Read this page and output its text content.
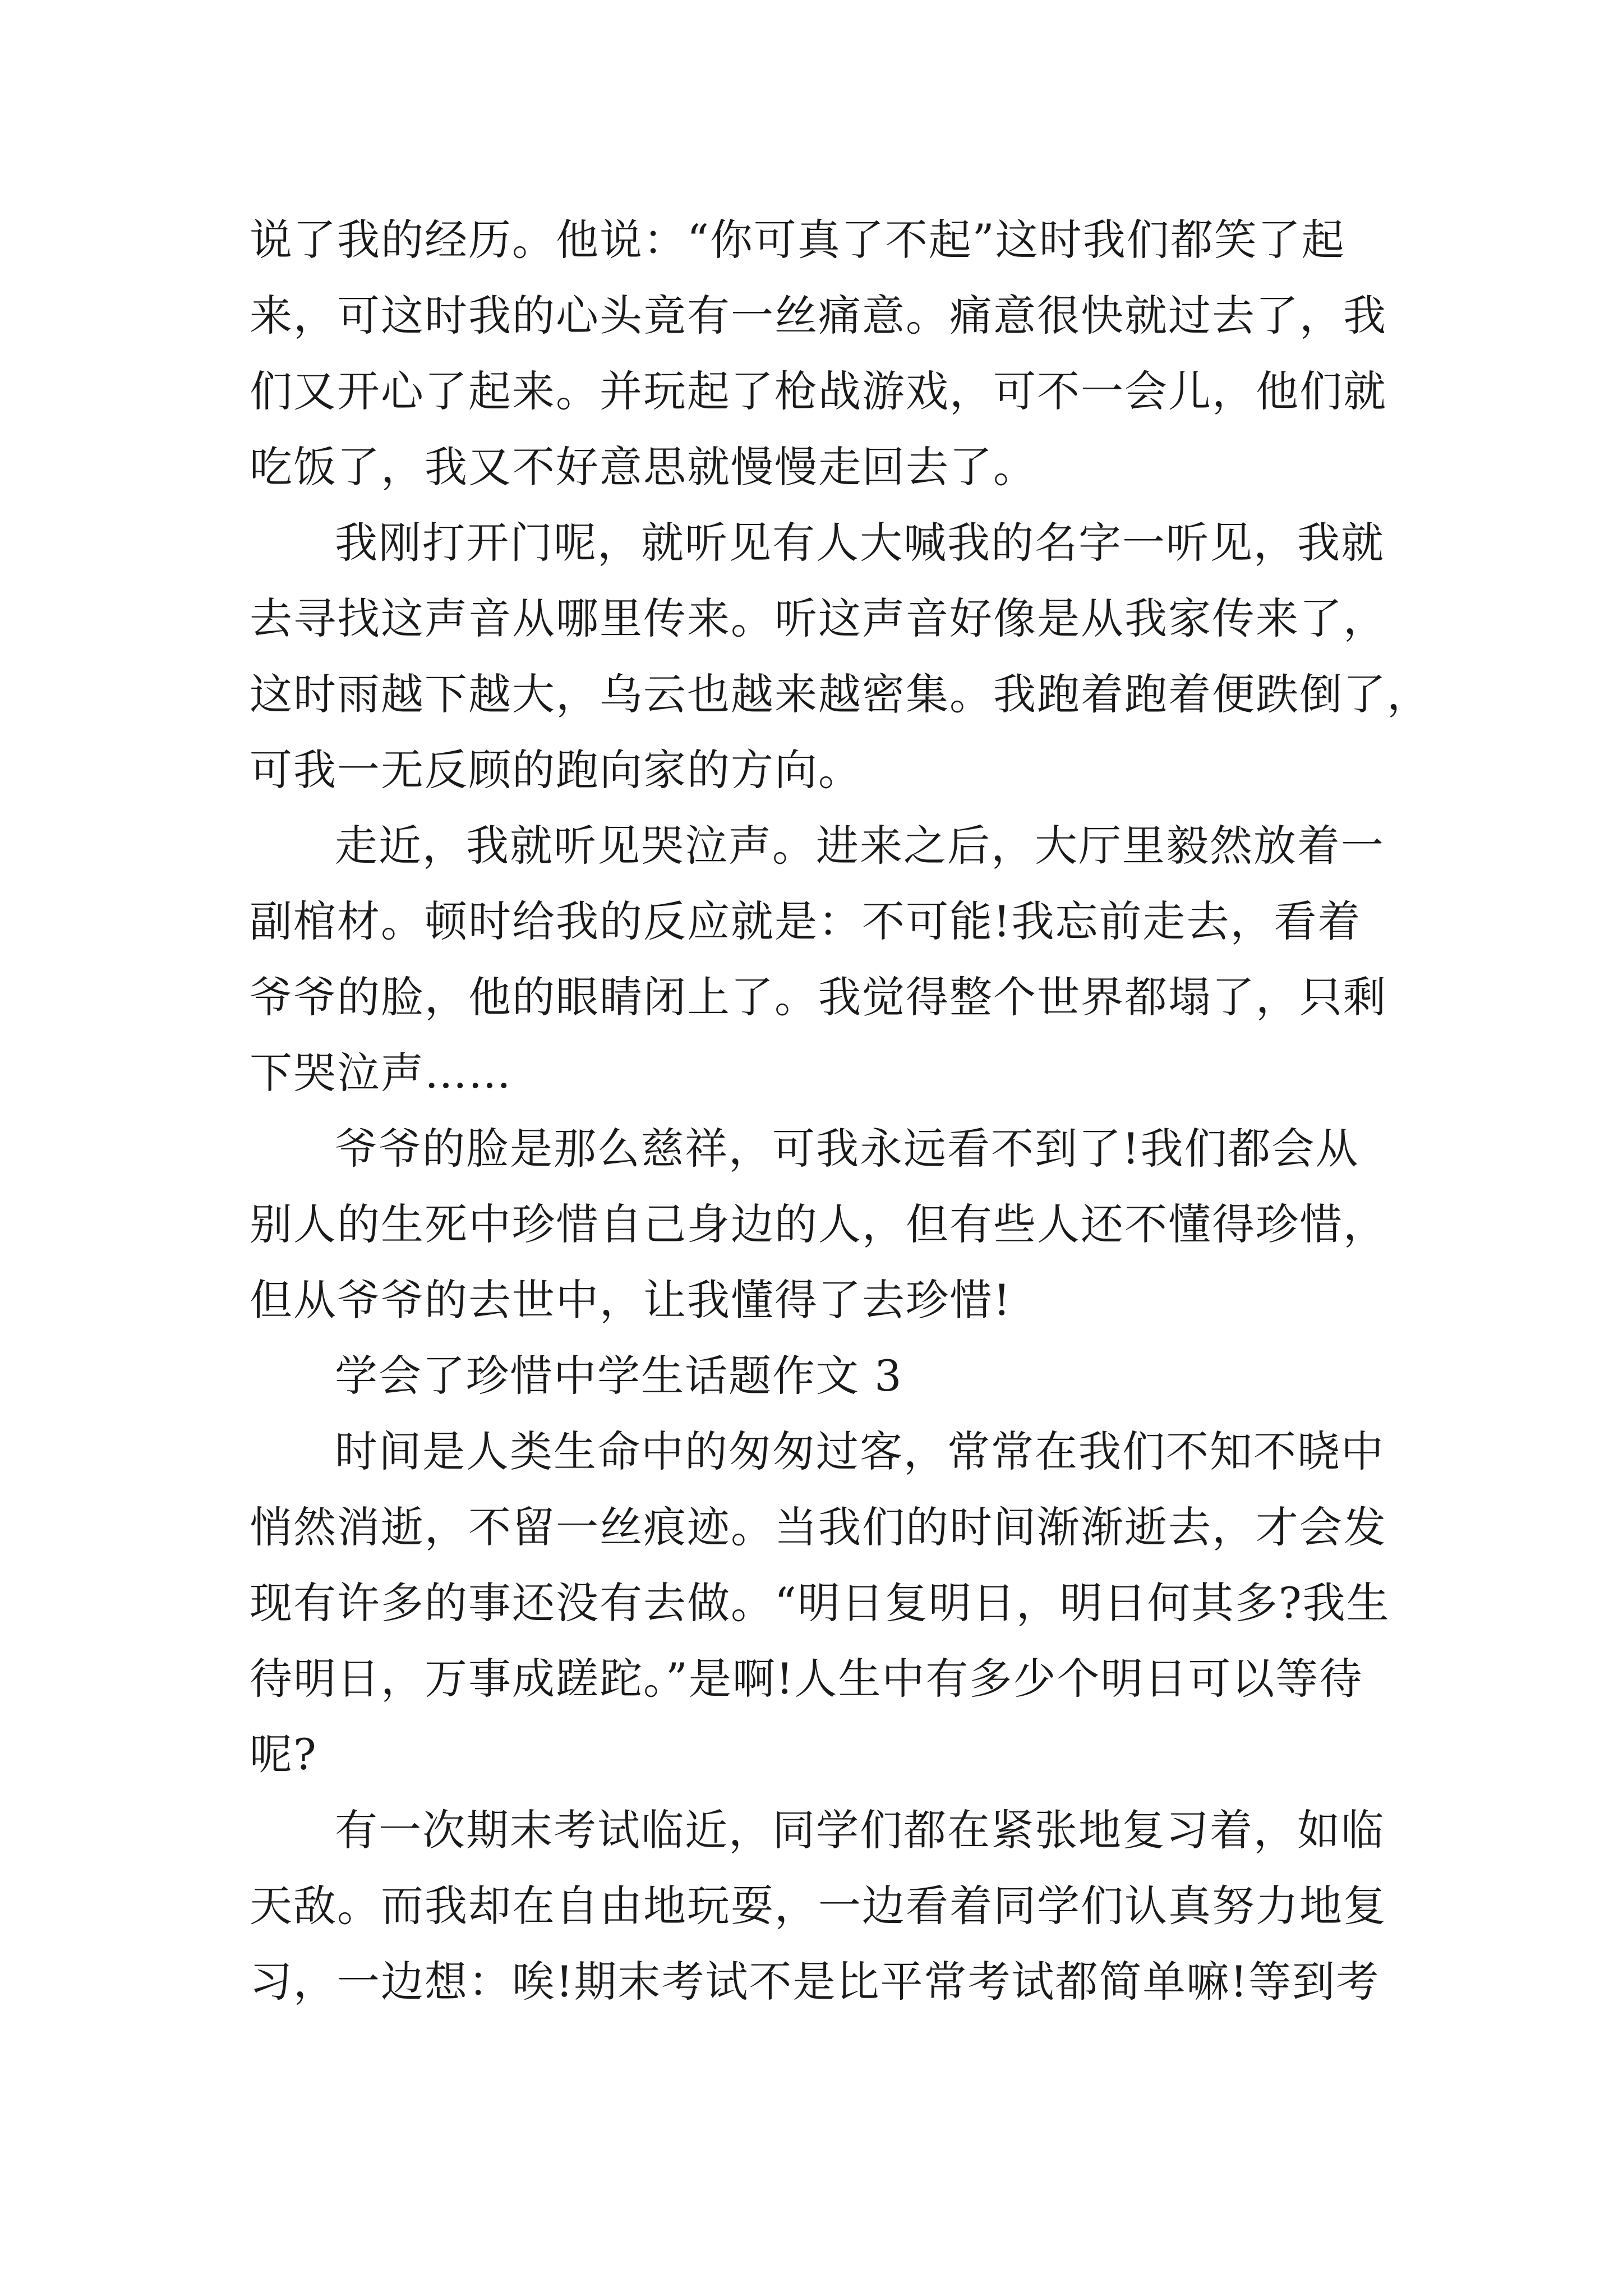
说了我的经历。他说：“你可真了不起”这时我们都笑了起
来，可这时我的心头竟有一丝痛意。痛意很快就过去了，我
们又开心了起来。并玩起了枪战游戏，可不一会儿，他们就
吃饭了，我又不好意思就慢慢走回去了。
我刚打开门呢，就听见有人大喊我的名字一听见，我就
去寻找这声音从哪里传来。听这声音好像是从我家传来了，
这时雨越下越大，乌云也越来越密集。我跑着跑着便跌倒了，
可我一无反顾的跑向家的方向。
走近，我就听见哭泣声。进来之后，大厅里毅然放着一
副棺材。顿时给我的反应就是：不可能!我忘前走去，看着
爷爷的脸，他的眼睛闭上了。我觉得整个世界都塌了，只剩
下哭泣声……
爷爷的脸是那么慈祥，可我永远看不到了!我们都会从
别人的生死中珍惜自己身边的人，但有些人还不懂得珍惜，
但从爷爷的去世中，让我懂得了去珍惜!
学会了珍惜中学生话题作文 3
时间是人类生命中的匆匆过客，常常在我们不知不晓中
悄然消逝，不留一丝痕迹。当我们的时间渐渐逝去，才会发
现有许多的事还没有去做。“明日复明日，明日何其多?我生
待明日，万事成蹉跎。”是啊!人生中有多少个明日可以等待
呢?
有一次期末考试临近，同学们都在紧张地复习着，如临
天敌。而我却在自由地玩耍，一边看着同学们认真努力地复
习，一边想：唉!期末考试不是比平常考试都简单嘛!等到考
